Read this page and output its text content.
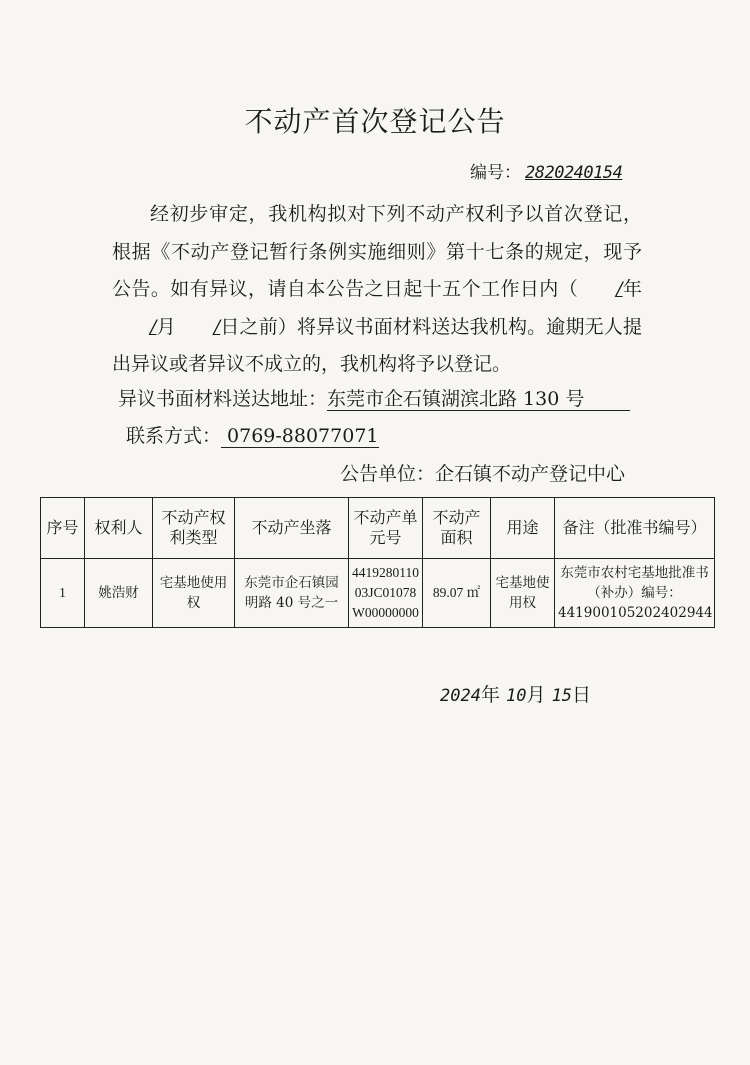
不动产首次登记公告
编号： 2820240154

经初步审定，我机构拟对下列不动产权利予以首次登记，根据《不动产登记暂行条例实施细则》第十七条的规定，现予公告。如有异议，请自本公告之日起十五个工作日内（ /年/月 /日之前）将异议书面材料送达我机构。逾期无人提出异议或者异议不成立的，我机构将予以登记。

异议书面材料送达地址：东莞市企石镇湖滨北路 130 号
联系方式： 0769-88077071
公告单位：企石镇不动产登记中心
序号	权利人	不动产权利类型	不动产坐落	不动产单元号	不动产面积	用途	备注（批准书编号）
1	姚浩财	宅基地使用权	东莞市企石镇园明路 40 号之一	441928011003JC01078W00000000	89.07 ㎡	宅基地使用权	东莞市农村宅基地批准书（补办）编号：441900105202402944
2024年 10月 15日
